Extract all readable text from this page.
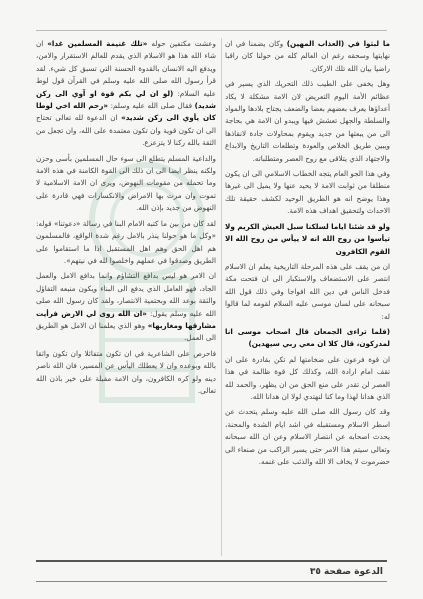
ما لبثوا في (العذاب المهين) وكان يضمنا في ان نهايتها وسحقه رغم ان العالم كله من حولنا كان راقبا راضيا بيان الله تلك الاركان.

وهل يخفى على الطيب ذلك التحريك الذي يسير في عظائم الأمة اليوم التعريض لان الامة مشكلة لا يكاد أعداؤها يعرف بعضهم بعضا والضعف يجتاح بلادها والمواد والسلطة والجهل تعشش فيها ويبدو ان الامة هي بحاجة الى من يبعثها من جديد ويقوم بمحاولات جادة لانقاذها ويبين طريق الخلاص والعودة وتطلعات التاريخ والابداع والاجتهاد الذي يتلاقى مع روح العصر ومتطلباته.

وفي هذا الجو العام يتجه الخطاب الاسلامي الى ان يكون منطلقا من ثوابت الامة لا يحيد عنها ولا يميل الى غيرها وهذا يوضح انه هو الطريق الوحيد لكشف حقيقة تلك الاحداث ولتحقيق اهداف هذه الامة.

ولو قد شئنا اياما لسلكنا سبل العيش الكريم ولا تيأسوا من روح الله انه لا ييأس من روح الله الا القوم الكافرون

ان من يقف على هذه المرحلة التاريخية يعلم ان الاسلام انتصر على الاستضعاف والاستكبار الى ان فتحت مكة فدخل الناس في دين الله افواجا وفي ذلك قول الله سبحانه على لسان موسى عليه السلام لقومه لما قالوا له:

(فلما تراءى الجمعان قال اصحاب موسى انا لمدركون، قال كلا ان معي ربي سيهدين)

ان قوة فرعون على ضخامتها لم تكن بقادرة على ان تقف امام ارادة الله، وكذلك كل قوة ظالمة في هذا العصر لن تقدر على منع الحق من ان يظهر، والحمد لله الذي هدانا لهذا وما كنا لنهتدي لولا ان هدانا الله.

وقد كان رسول الله صلى الله عليه وسلم يتحدث عن اسطر الاسلام ومستقبله في اشد ايام الشدة والمحنة، يحدث اصحابه عن انتصار الاسلام وعن ان الله سبحانه وتعالى سيتم هذا الامر حتى يسير الراكب من صنعاء الى حضرموت لا يخاف الا الله والذئب على غنمه.

وعشت مكتفين حوله «تلك غنيمة المسلمين غدا» ان شاء الله هذا هو الاسلام الذي يقدم للعالم الاستقرار والامن، ويدفع اليه الانسان بالقدوة الحسنة التي تسبق كل شيء. لقد قرأ رسول الله صلى الله عليه وسلم في القرآن قول لوط عليه السلام: (لو ان لي بكم قوة او آوي الى ركن شديد) فقال صلى الله عليه وسلم: «رحم الله اخي لوطا كان يأوي الى ركن شديد» ان الدعوة لله تعالى تحتاج الى ان تكون قوية وان تكون معتمدة على الله، وان تجعل من الثقة بالله ركنا لا يتزعزع.

والداعية المسلم يتطلع الى سوء حال المسلمين بأسى وحزن ولكنه ينظر ايضا الى ان ذلك الى القوة الكامنة في هذه الامة وما تحمله من مقومات النهوض، ويرى ان الامة الاسلامية لا تموت وان مرت بها الامراض والانكسارات فهي قادرة على النهوض من جديد بإذن الله.

لقد كان من بين ما كتبه الامام البنا في رسالة «دعوتنا» قوله: «وكل ما هو حولنا ينذر بالامل رغم شدة الواقع، فالمسلمون هم اهل الحق وهم اهل المستقبل اذا ما استقاموا على الطريق وصدقوا في عملهم واخلصوا لله في نيتهم».

ان الامر هو ليس بدافع التشاؤم وانما بدافع الامل والعمل الجاد، فهو العامل الذي يدفع الى البناء ويكون منبعه التفاؤل والثقة بوعد الله وبحتمية الانتصار، ولقد كان رسول الله صلى الله عليه وسلم يقول: «ان الله زوى لي الارض فرأيت مشارقها ومغاربها» وهو الذي يعلمنا ان الامل هو الطريق الى العمل.

فاحرص على الشاعرية في ان تكون متفائلا وان تكون واثقا بالله وبوعده وان لا يعطلك اليأس عن المسير، فان الله ناصر دينه ولو كره الكافرون، وان الامة مقبلة على خير باذن الله تعالى.

الدعوة صفحة ٣٥
